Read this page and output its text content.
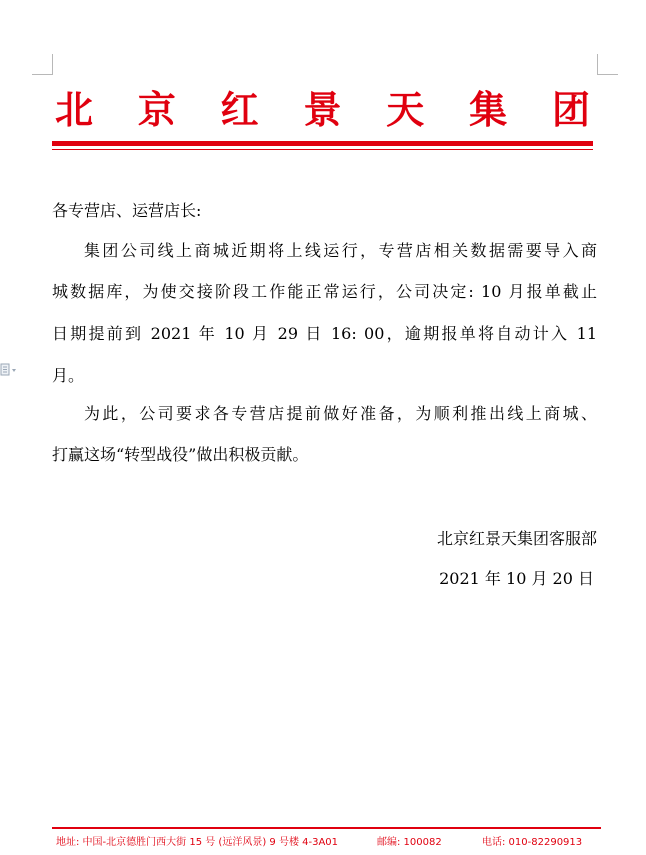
北 京 红 景 天 集 团
各专营店、运营店长:
集团公司线上商城近期将上线运行，专营店相关数据需要导入商
城数据库，为使交接阶段工作能正常运行，公司决定: 10 月报单截止
日期提前到 2021 年 10 月 29 日 16: 00，逾期报单将自动计入 11
月。
为此，公司要求各专营店提前做好准备，为顺利推出线上商城、
打赢这场“转型战役”做出积极贡献。
北京红景天集团客服部
2021 年 10 月 20 日
地址: 中国-北京德胜门西大街 15 号 (远洋风景) 9 号楼 4-3A01	邮编: 100082	电话: 010-82290913
